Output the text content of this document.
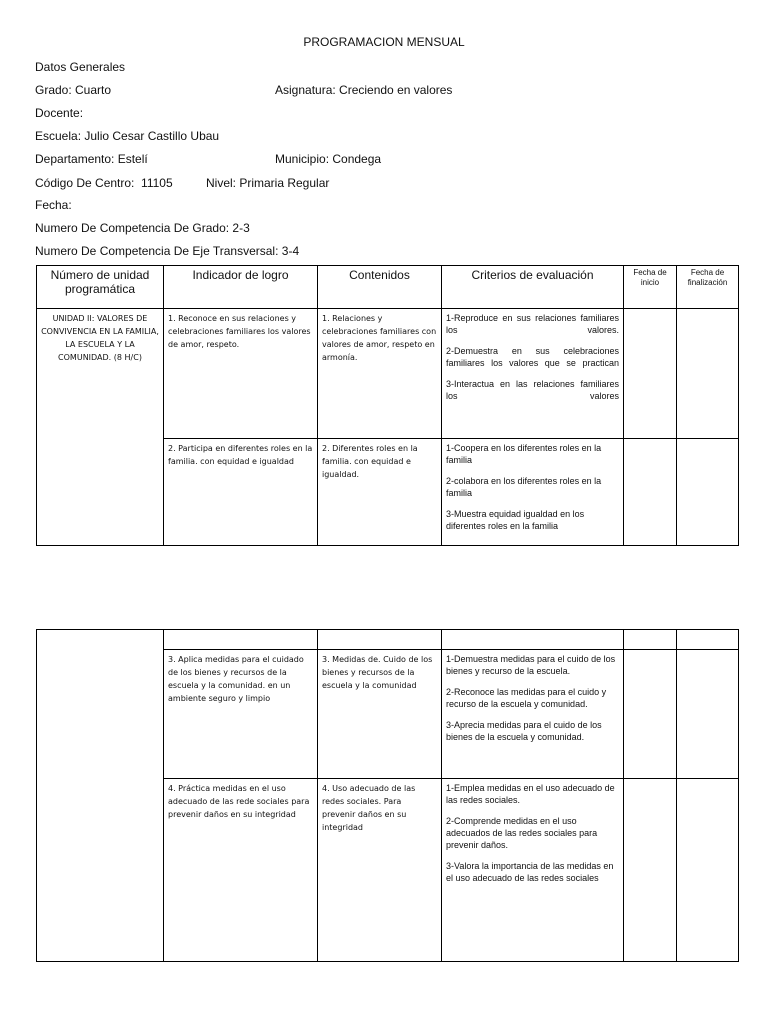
PROGRAMACION MENSUAL
Datos Generales
Grado: Cuarto	Asignatura: Creciendo en valores
Docente:
Escuela: Julio Cesar Castillo Ubau
Departamento: Estelí	Municipio: Condega
Código De Centro:  11105	Nivel: Primaria Regular
Fecha:
Numero De Competencia De Grado: 2-3
Numero De Competencia De Eje Transversal: 3-4
Número de unidad programática	Indicador de logro	Contenidos	Criterios de evaluación	Fecha de inicio	Fecha de finalización
UNIDAD II: VALORES DE CONVIVENCIA EN LA FAMILIA, LA ESCUELA Y LA COMUNIDAD. (8 H/C)	1. Reconoce en sus relaciones y celebraciones familiares los valores de amor, respeto.	1. Relaciones y celebraciones familiares con valores de amor, respeto en armonía.	1-Reproduce en sus relaciones familiares los valores.

2-Demuestra en sus celebraciones familiares los valores que se practican

3-Interactua en las relaciones familiares los valores		

	2. Participa en diferentes roles en la familia. con equidad e igualdad	2. Diferentes roles en la familia. con equidad e igualdad.	1-Coopera en los diferentes roles en la familia

2-colabora en los diferentes roles en la familia

3-Muestra equidad igualdad en los diferentes roles en la familia		

	3. Aplica medidas para el cuidado de los bienes y recursos de la escuela y la comunidad. en un ambiente seguro y limpio	3. Medidas de. Cuido de los bienes y recursos de la escuela y la comunidad	1-Demuestra medidas para el cuido de los bienes y recurso de la escuela.

2-Reconoce las medidas para el cuido y recurso de la escuela y comunidad.

3-Aprecia medidas para el cuido de los bienes de la escuela y comunidad.		

	4. Práctica medidas en el uso adecuado de las rede sociales para prevenir daños en su integridad	4. Uso adecuado de las redes sociales. Para prevenir daños en su integridad	1-Emplea medidas en el uso adecuado de las redes sociales.

2-Comprende medidas en el uso adecuados de las redes sociales para prevenir daños.

3-Valora la importancia de las medidas en el uso adecuado de las redes sociales		
